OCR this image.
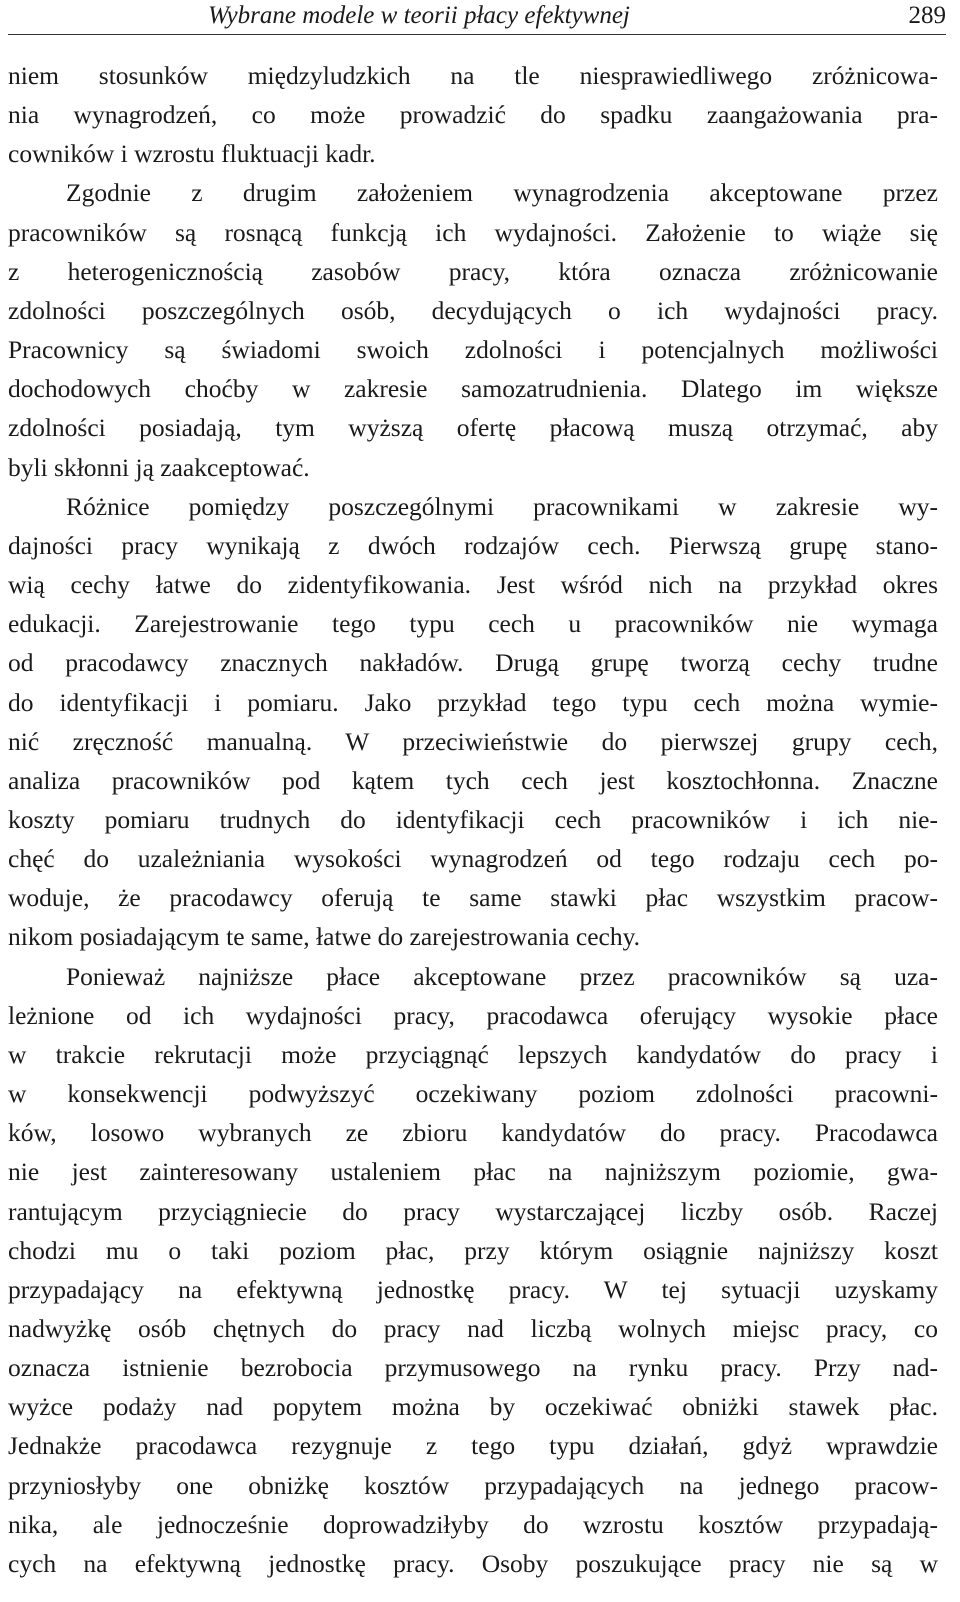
Wybrane modele w teorii płacy efektywnej	289
niem stosunków międzyludzkich na tle niesprawiedliwego zróżnicowa-
nia wynagrodzeń, co może prowadzić do spadku zaangażowania pra-
cowników i wzrostu fluktuacji kadr.
Zgodnie z drugim założeniem wynagrodzenia akceptowane przez
pracowników są rosnącą funkcją ich wydajności. Założenie to wiąże się
z heterogenicznością zasobów pracy, która oznacza zróżnicowanie
zdolności poszczególnych osób, decydujących o ich wydajności pracy.
Pracownicy są świadomi swoich zdolności i potencjalnych możliwości
dochodowych choćby w zakresie samozatrudnienia. Dlatego im większe
zdolności posiadają, tym wyższą ofertę płacową muszą otrzymać, aby
byli skłonni ją zaakceptować.
Różnice pomiędzy poszczególnymi pracownikami w zakresie wy-
dajności pracy wynikają z dwóch rodzajów cech. Pierwszą grupę stano-
wią cechy łatwe do zidentyfikowania. Jest wśród nich na przykład okres
edukacji. Zarejestrowanie tego typu cech u pracowników nie wymaga
od pracodawcy znacznych nakładów. Drugą grupę tworzą cechy trudne
do identyfikacji i pomiaru. Jako przykład tego typu cech można wymie-
nić zręczność manualną. W przeciwieństwie do pierwszej grupy cech,
analiza pracowników pod kątem tych cech jest kosztochłonna. Znaczne
koszty pomiaru trudnych do identyfikacji cech pracowników i ich nie-
chęć do uzależniania wysokości wynagrodzeń od tego rodzaju cech po-
woduje, że pracodawcy oferują te same stawki płac wszystkim pracow-
nikom posiadającym te same, łatwe do zarejestrowania cechy.
Ponieważ najniższe płace akceptowane przez pracowników są uza-
leżnione od ich wydajności pracy, pracodawca oferujący wysokie płace
w trakcie rekrutacji może przyciągnąć lepszych kandydatów do pracy i
w konsekwencji podwyższyć oczekiwany poziom zdolności pracowni-
ków, losowo wybranych ze zbioru kandydatów do pracy. Pracodawca
nie jest zainteresowany ustaleniem płac na najniższym poziomie, gwa-
rantującym przyciągniecie do pracy wystarczającej liczby osób. Raczej
chodzi mu o taki poziom płac, przy którym osiągnie najniższy koszt
przypadający na efektywną jednostkę pracy. W tej sytuacji uzyskamy
nadwyżkę osób chętnych do pracy nad liczbą wolnych miejsc pracy, co
oznacza istnienie bezrobocia przymusowego na rynku pracy. Przy nad-
wyżce podaży nad popytem można by oczekiwać obniżki stawek płac.
Jednakże pracodawca rezygnuje z tego typu działań, gdyż wprawdzie
przyniosłyby one obniżkę kosztów przypadających na jednego pracow-
nika, ale jednocześnie doprowadziłyby do wzrostu kosztów przypadają-
cych na efektywną jednostkę pracy. Osoby poszukujące pracy nie są w
